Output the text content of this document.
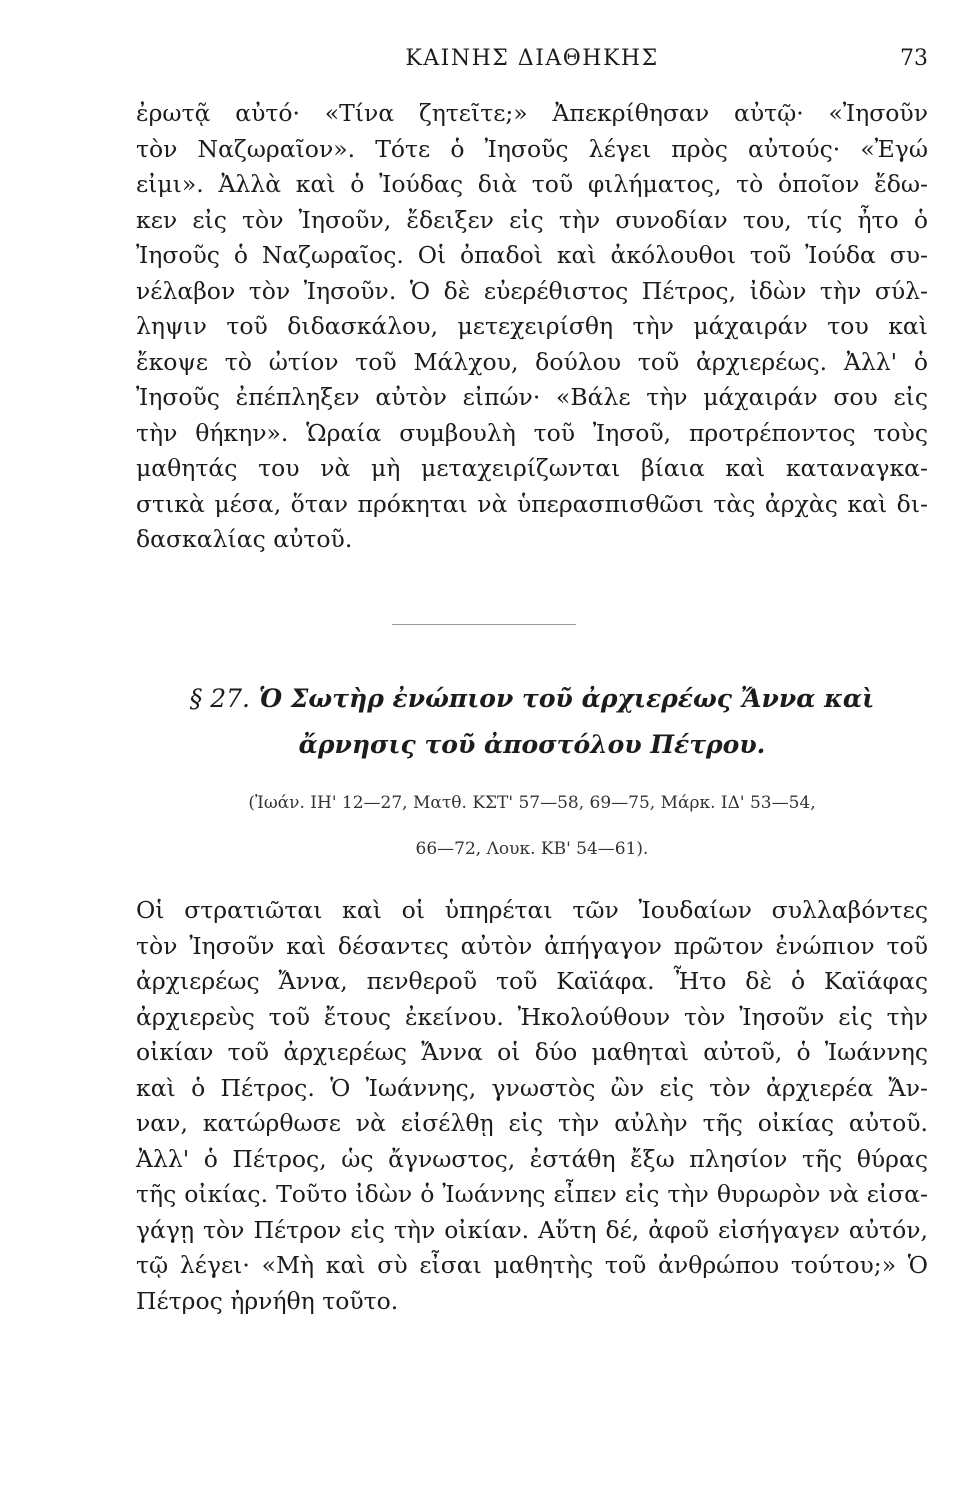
ΚΑΙΝΗΣ ΔΙΑΘΗΚΗΣ	73
ἐρωτᾷ αὐτό· «Τίνα ζητεῖτε;» Ἀπεκρίθησαν αὐτῷ· «Ἰησοῦν
τὸν Ναζωραῖον». Τότε ὁ Ἰησοῦς λέγει πρὸς αὐτούς· «Ἐγώ
εἰμι». Ἀλλὰ καὶ ὁ Ἰούδας διὰ τοῦ φιλήματος, τὸ ὁποῖον ἔδω-
κεν εἰς τὸν Ἰησοῦν, ἔδειξεν εἰς τὴν συνοδίαν του, τίς ἦτο ὁ
Ἰησοῦς ὁ Ναζωραῖος. Οἱ ὀπαδοὶ καὶ ἀκόλουθοι τοῦ Ἰούδα συ-
νέλαβον τὸν Ἰησοῦν. Ὁ δὲ εὐερέθιστος Πέτρος, ἰδὼν τὴν σύλ-
ληψιν τοῦ διδασκάλου, μετεχειρίσθη τὴν μάχαιράν του καὶ
ἔκοψε τὸ ὠτίον τοῦ Μάλχου, δούλου τοῦ ἀρχιερέως. Ἀλλ' ὁ
Ἰησοῦς ἐπέπληξεν αὐτὸν εἰπών· «Βάλε τὴν μάχαιράν σου εἰς
τὴν θήκην». Ὡραία συμβουλὴ τοῦ Ἰησοῦ, προτρέποντος τοὺς
μαθητάς του νὰ μὴ μεταχειρίζωνται βίαια καὶ καταναγκα-
στικὰ μέσα, ὅταν πρόκηται νὰ ὑπερασπισθῶσι τὰς ἀρχὰς καὶ δι-
δασκαλίας αὐτοῦ.
§ 27. Ὁ Σωτὴρ ἐνώπιον τοῦ ἀρχιερέως Ἄννα καὶ
ἄρνησις τοῦ ἀποστόλου Πέτρου.
(Ἰωάν. ΙΗ' 12—27, Ματθ. ΚΣΤ' 57—58, 69—75, Μάρκ. ΙΔ' 53—54,
66—72, Λουκ. ΚΒ' 54—61).
Οἱ στρατιῶται καὶ οἱ ὑπηρέται τῶν Ἰουδαίων συλλαβόντες
τὸν Ἰησοῦν καὶ δέσαντες αὐτὸν ἀπήγαγον πρῶτον ἐνώπιον τοῦ
ἀρχιερέως Ἄννα, πενθεροῦ τοῦ Καϊάφα. Ἦτο δὲ ὁ Καϊάφας
ἀρχιερεὺς τοῦ ἔτους ἐκείνου. Ἠκολούθουν τὸν Ἰησοῦν εἰς τὴν
οἰκίαν τοῦ ἀρχιερέως Ἄννα οἱ δύο μαθηταὶ αὐτοῦ, ὁ Ἰωάννης
καὶ ὁ Πέτρος. Ὁ Ἰωάννης, γνωστὸς ὢν εἰς τὸν ἀρχιερέα Ἄν-
ναν, κατώρθωσε νὰ εἰσέλθῃ εἰς τὴν αὐλὴν τῆς οἰκίας αὐτοῦ.
Ἀλλ' ὁ Πέτρος, ὡς ἄγνωστος, ἐστάθη ἔξω πλησίον τῆς θύρας
τῆς οἰκίας. Τοῦτο ἰδὼν ὁ Ἰωάννης εἶπεν εἰς τὴν θυρωρὸν νὰ εἰσα-
γάγῃ τὸν Πέτρον εἰς τὴν οἰκίαν. Αὕτη δέ, ἀφοῦ εἰσήγαγεν αὐτόν,
τῷ λέγει· «Μὴ καὶ σὺ εἶσαι μαθητὴς τοῦ ἀνθρώπου τούτου;» Ὁ
Πέτρος ἠρνήθη τοῦτο.
